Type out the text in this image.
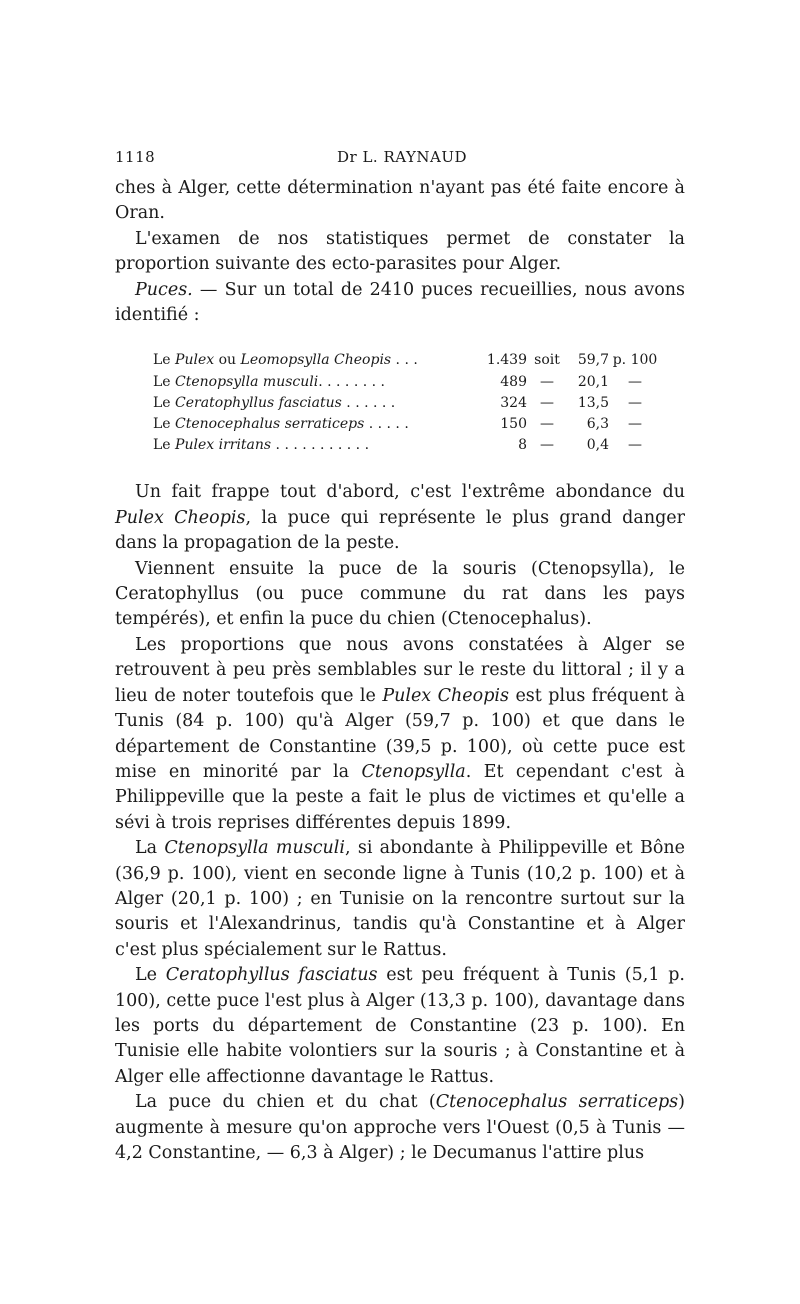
1118	Dr L. RAYNAUD

ches à Alger, cette détermination n'ayant pas été faite encore à Oran.

L'examen de nos statistiques permet de constater la proportion suivante des ecto-parasites pour Alger.

Puces. — Sur un total de 2410 puces recueillies, nous avons identifié :

Le Pulex ou Leomopsylla Cheopis . . .	1.439 soit	59,7 p. 100
Le Ctenopsylla musculi. . . . . . . .	489 —	20,1	—
Le Ceratophyllus fasciatus . . . . . .	324 —	13,5	—
Le Ctenocephalus serraticeps . . . . .	150 —	6,3	—
Le Pulex irritans . . . . . . . . . . .	8 —	0,4	—

Un fait frappe tout d'abord, c'est l'extrême abondance du Pulex Cheopis, la puce qui représente le plus grand danger dans la propagation de la peste.

Viennent ensuite la puce de la souris (Ctenopsylla), le Ceratophyllus (ou puce commune du rat dans les pays tempérés), et enfin la puce du chien (Ctenocephalus).

Les proportions que nous avons constatées à Alger se retrouvent à peu près semblables sur le reste du littoral ; il y a lieu de noter toutefois que le Pulex Cheopis est plus fréquent à Tunis (84 p. 100) qu'à Alger (59,7 p. 100) et que dans le département de Constantine (39,5 p. 100), où cette puce est mise en minorité par la Ctenopsylla. Et cependant c'est à Philippeville que la peste a fait le plus de victimes et qu'elle a sévi à trois reprises différentes depuis 1899.

La Ctenopsylla musculi, si abondante à Philippeville et Bône (36,9 p. 100), vient en seconde ligne à Tunis (10,2 p. 100) et à Alger (20,1 p. 100) ; en Tunisie on la rencontre surtout sur la souris et l'Alexandrinus, tandis qu'à Constantine et à Alger c'est plus spécialement sur le Rattus.

Le Ceratophyllus fasciatus est peu fréquent à Tunis (5,1 p. 100), cette puce l'est plus à Alger (13,3 p. 100), davantage dans les ports du département de Constantine (23 p. 100). En Tunisie elle habite volontiers sur la souris ; à Constantine et à Alger elle affectionne davantage le Rattus.

La puce du chien et du chat (Ctenocephalus serraticeps) augmente à mesure qu'on approche vers l'Ouest (0,5 à Tunis — 4,2 Constantine, — 6,3 à Alger) ; le Decumanus l'attire plus
